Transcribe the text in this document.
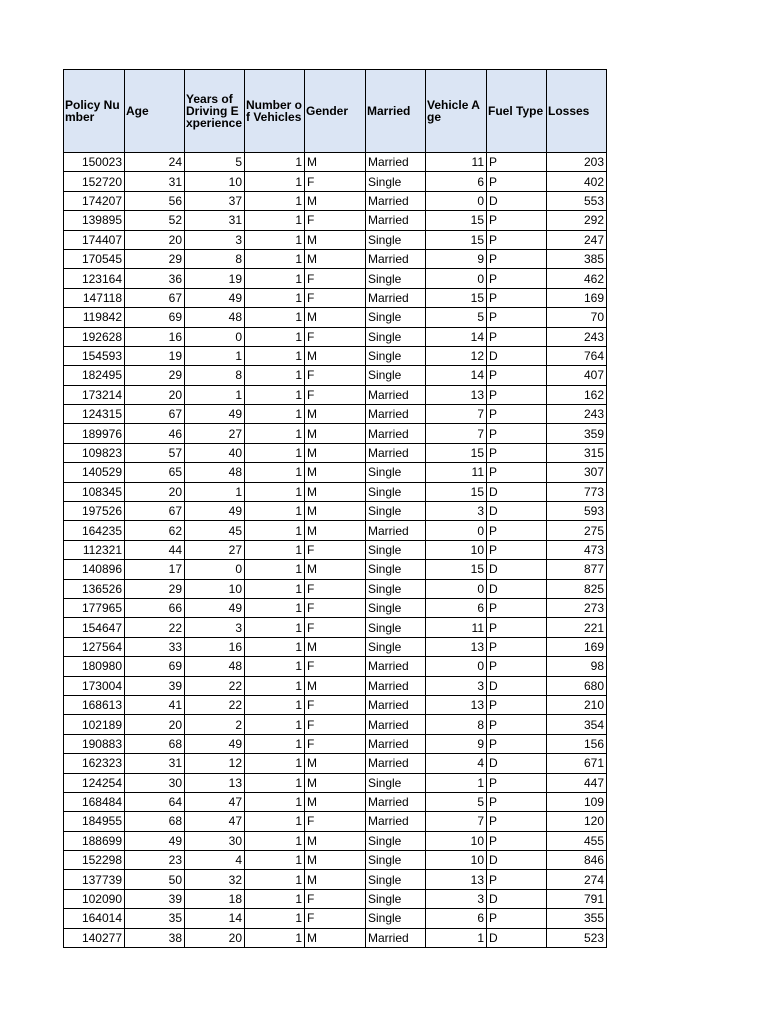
Policy Number	Age	Years of Driving Experience	Number of Vehicles	Gender	Married	Vehicle Age	Fuel Type	Losses
150023	24	5	1	M	Married	11	P	203
152720	31	10	1	F	Single	6	P	402
174207	56	37	1	M	Married	0	D	553
139895	52	31	1	F	Married	15	P	292
174407	20	3	1	M	Single	15	P	247
170545	29	8	1	M	Married	9	P	385
123164	36	19	1	F	Single	0	P	462
147118	67	49	1	F	Married	15	P	169
119842	69	48	1	M	Single	5	P	70
192628	16	0	1	F	Single	14	P	243
154593	19	1	1	M	Single	12	D	764
182495	29	8	1	F	Single	14	P	407
173214	20	1	1	F	Married	13	P	162
124315	67	49	1	M	Married	7	P	243
189976	46	27	1	M	Married	7	P	359
109823	57	40	1	M	Married	15	P	315
140529	65	48	1	M	Single	11	P	307
108345	20	1	1	M	Single	15	D	773
197526	67	49	1	M	Single	3	D	593
164235	62	45	1	M	Married	0	P	275
112321	44	27	1	F	Single	10	P	473
140896	17	0	1	M	Single	15	D	877
136526	29	10	1	F	Single	0	D	825
177965	66	49	1	F	Single	6	P	273
154647	22	3	1	F	Single	11	P	221
127564	33	16	1	M	Single	13	P	169
180980	69	48	1	F	Married	0	P	98
173004	39	22	1	M	Married	3	D	680
168613	41	22	1	F	Married	13	P	210
102189	20	2	1	F	Married	8	P	354
190883	68	49	1	F	Married	9	P	156
162323	31	12	1	M	Married	4	D	671
124254	30	13	1	M	Single	1	P	447
168484	64	47	1	M	Married	5	P	109
184955	68	47	1	F	Married	7	P	120
188699	49	30	1	M	Single	10	P	455
152298	23	4	1	M	Single	10	D	846
137739	50	32	1	M	Single	13	P	274
102090	39	18	1	F	Single	3	D	791
164014	35	14	1	F	Single	6	P	355
140277	38	20	1	M	Married	1	D	523
